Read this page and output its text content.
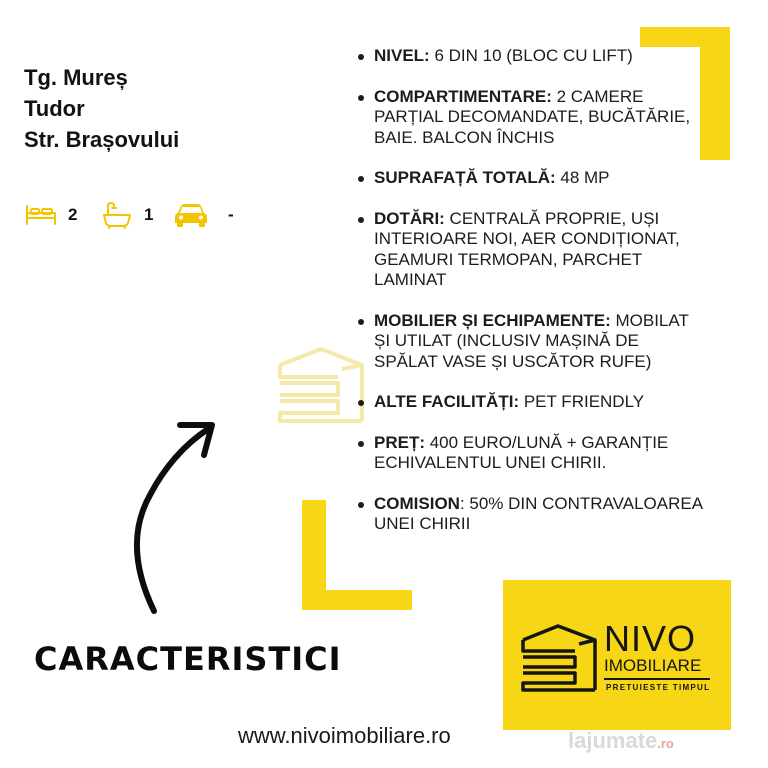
Tg. Mureș
Tudor
Str. Brașovului
2	1	-
NIVEL: 6 DIN 10 (BLOC CU LIFT)
COMPARTIMENTARE: 2 CAMERE PARȚIAL DECOMANDATE, BUCĂTĂRIE, BAIE. BALCON ÎNCHIS
SUPRAFAȚĂ TOTALĂ: 48 MP
DOTĂRI: CENTRALĂ PROPRIE, UȘI INTERIOARE NOI, AER CONDIȚIONAT, GEAMURI TERMOPAN, PARCHET LAMINAT
MOBILIER ȘI ECHIPAMENTE: MOBILAT ȘI UTILAT (INCLUSIV MAȘINĂ DE SPĂLAT VASE ȘI USCĂTOR RUFE)
ALTE FACILITĂȚI: PET FRIENDLY
PREȚ: 400 EURO/LUNĂ + GARANȚIE ECHIVALENTUL UNEI CHIRII.
COMISION: 50% DIN CONTRAVALOAREA UNEI CHIRII
CARACTERISTICI
www.nivoimobiliare.ro
NIVO
IMOBILIARE
PRETUIESTE TIMPUL
lajumate.ro
